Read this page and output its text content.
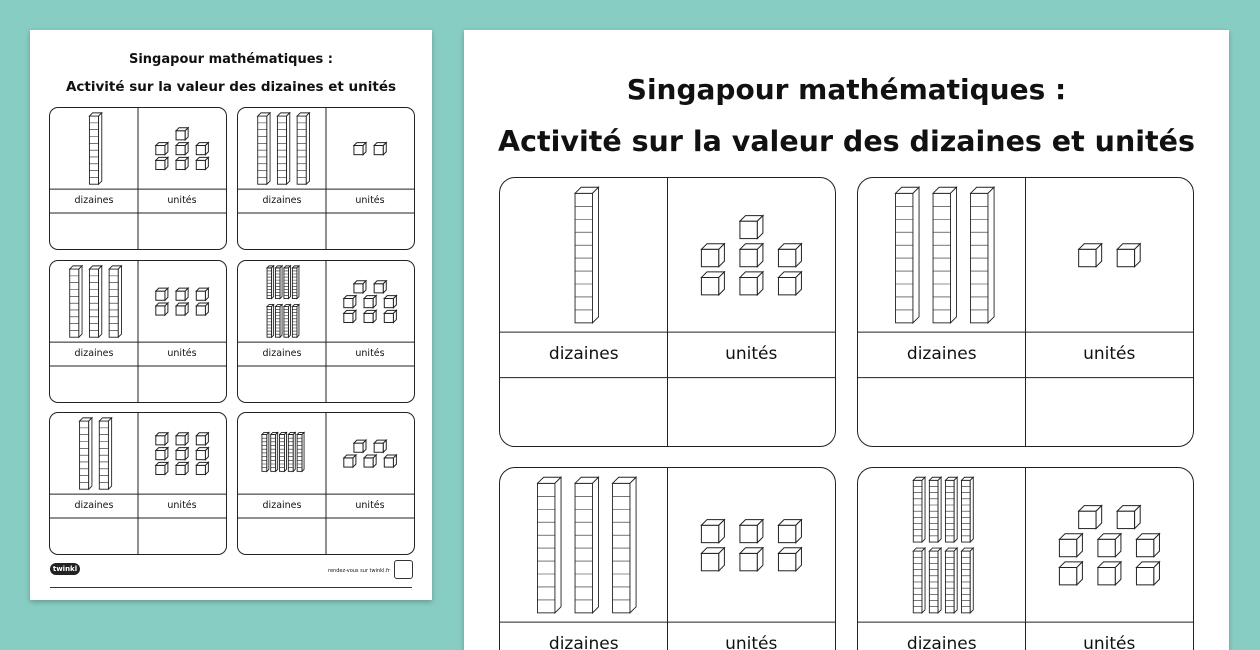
Singapour mathématiques :
Activité sur la valeur des dizaines et unités
dizaines	unités	dizaines	unités
dizaines	unités	dizaines	unités
dizaines	unités	dizaines	unités
twinkl	rendez-vous sur twinkl.fr
Singapour mathématiques :
Activité sur la valeur des dizaines et unités
dizaines	unités	dizaines	unités
dizaines	unités	dizaines	unités
